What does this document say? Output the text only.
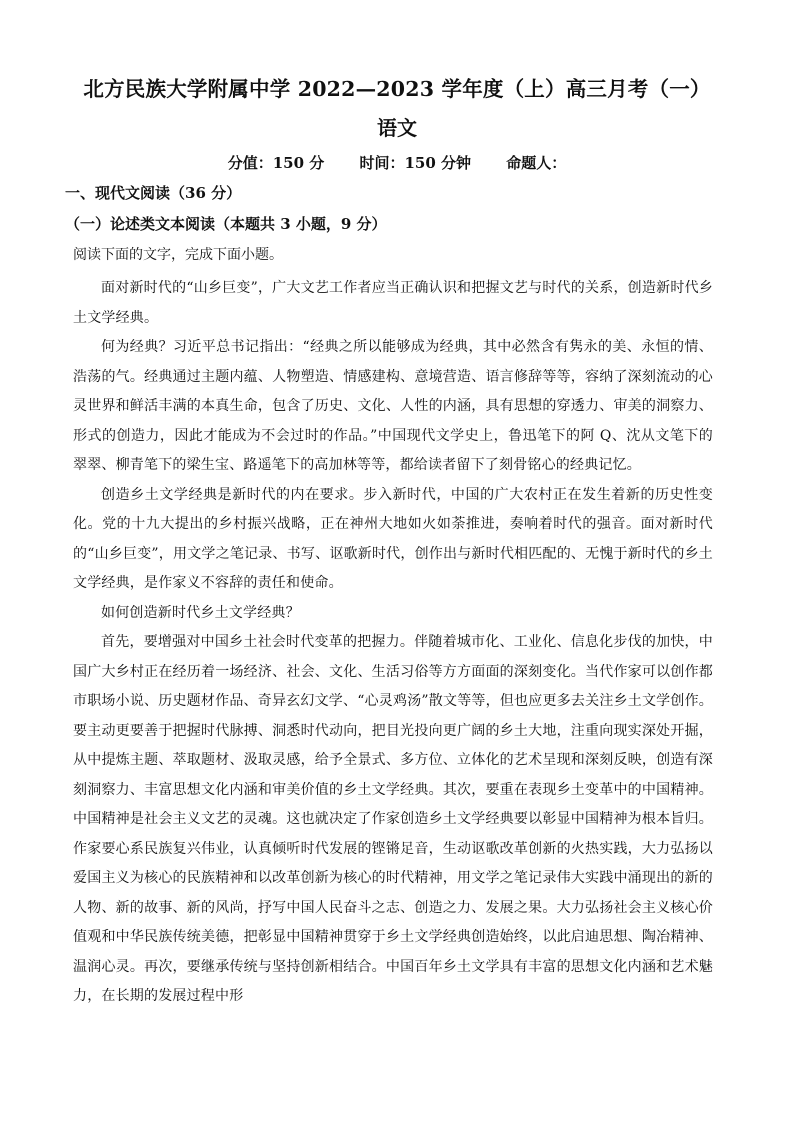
北方民族大学附属中学 2022—2023 学年度（上）高三月考（一）
语文
分值：150 分 时间：150 分钟 命题人：
一、现代文阅读（36 分）
（一）论述类文本阅读（本题共 3 小题，9 分）
阅读下面的文字，完成下面小题。

面对新时代的“山乡巨变”，广大文艺工作者应当正确认识和把握文艺与时代的关系，创造新时代乡土文学经典。

何为经典？习近平总书记指出：“经典之所以能够成为经典，其中必然含有隽永的美、永恒的情、浩荡的气。经典通过主题内蕴、人物塑造、情感建构、意境营造、语言修辞等等，容纳了深刻流动的心灵世界和鲜活丰满的本真生命，包含了历史、文化、人性的内涵，具有思想的穿透力、审美的洞察力、形式的创造力，因此才能成为不会过时的作品。”中国现代文学史上，鲁迅笔下的阿 Q、沈从文笔下的翠翠、柳青笔下的梁生宝、路遥笔下的高加林等等，都给读者留下了刻骨铭心的经典记忆。

创造乡土文学经典是新时代的内在要求。步入新时代，中国的广大农村正在发生着新的历史性变化。党的十九大提出的乡村振兴战略，正在神州大地如火如荼推进，奏响着时代的强音。面对新时代的“山乡巨变”，用文学之笔记录、书写、讴歌新时代，创作出与新时代相匹配的、无愧于新时代的乡土文学经典，是作家义不容辞的责任和使命。

如何创造新时代乡土文学经典？

首先，要增强对中国乡土社会时代变革的把握力。伴随着城市化、工业化、信息化步伐的加快，中国广大乡村正在经历着一场经济、社会、文化、生活习俗等方方面面的深刻变化。当代作家可以创作都市职场小说、历史题材作品、奇异玄幻文学、“心灵鸡汤”散文等等，但也应更多去关注乡土文学创作。要主动更要善于把握时代脉搏、洞悉时代动向，把目光投向更广阔的乡土大地，注重向现实深处开掘，从中提炼主题、萃取题材、汲取灵感，给予全景式、多方位、立体化的艺术呈现和深刻反映，创造有深刻洞察力、丰富思想文化内涵和审美价值的乡土文学经典。其次，要重在表现乡土变革中的中国精神。中国精神是社会主义文艺的灵魂。这也就决定了作家创造乡土文学经典要以彰显中国精神为根本旨归。作家要心系民族复兴伟业，认真倾听时代发展的铿锵足音，生动讴歌改革创新的火热实践，大力弘扬以爱国主义为核心的民族精神和以改革创新为核心的时代精神，用文学之笔记录伟大实践中涌现出的新的人物、新的故事、新的风尚，抒写中国人民奋斗之志、创造之力、发展之果。大力弘扬社会主义核心价值观和中华民族传统美德，把彰显中国精神贯穿于乡土文学经典创造始终，以此启迪思想、陶冶精神、温润心灵。再次，要继承传统与坚持创新相结合。中国百年乡土文学具有丰富的思想文化内涵和艺术魅力，在长期的发展过程中形
